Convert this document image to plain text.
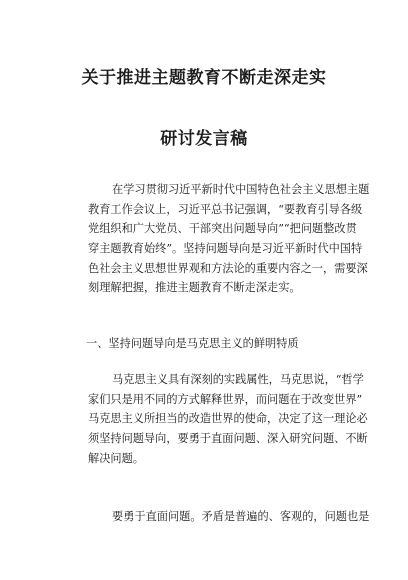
关于推进主题教育不断走深走实
研讨发言稿
在学习贯彻习近平新时代中国特色社会主义思想主题
教育工作会议上，习近平总书记强调，“要教育引导各级
党组织和广大党员、干部突出问题导向”“把问题整改贯
穿主题教育始终”。坚持问题导向是习近平新时代中国特
色社会主义思想世界观和方法论的重要内容之一，需要深
刻理解把握，推进主题教育不断走深走实。
一、坚持问题导向是马克思主义的鲜明特质
马克思主义具有深刻的实践属性，马克思说，“哲学
家们只是用不同的方式解释世界，而问题在于改变世界”
马克思主义所担当的改造世界的使命，决定了这一理论必
须坚持问题导向，要勇于直面问题、深入研究问题、不断
解决问题。
要勇于直面问题。矛盾是普遍的、客观的，问题也是
